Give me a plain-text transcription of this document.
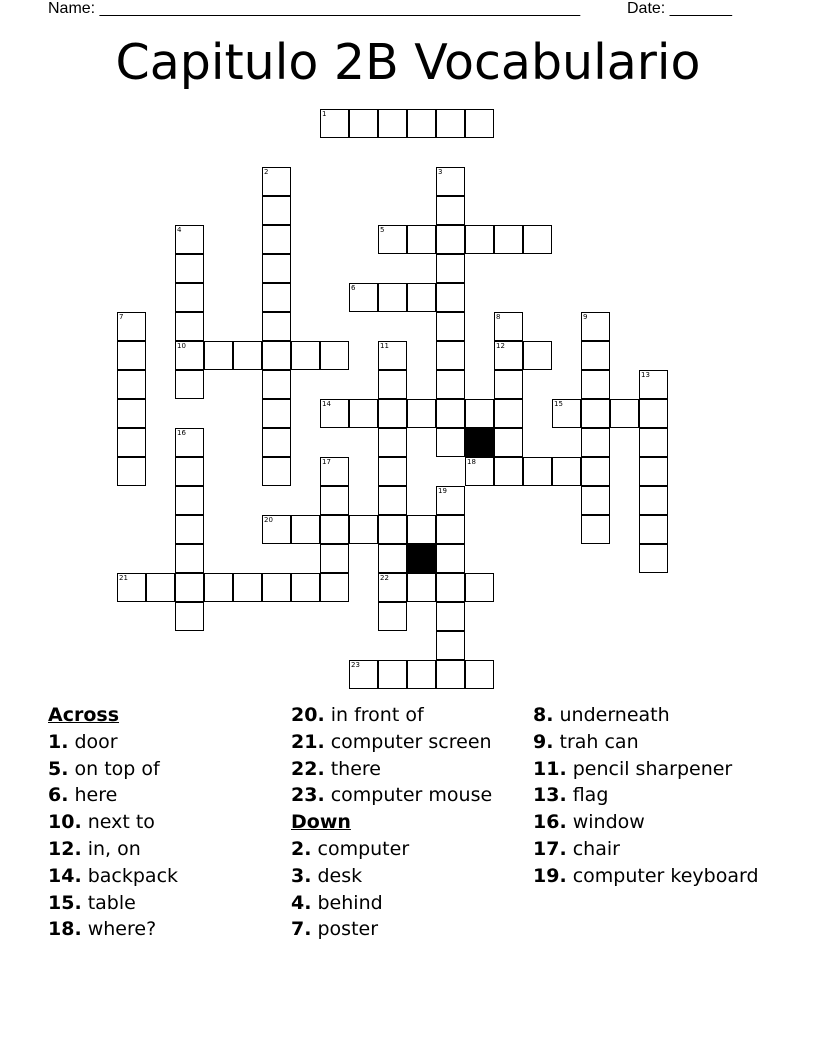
Name: ______________________________________________________	Date: _______
Capitulo 2B Vocabulario
1
2	3
4
10
5
6
7	8
12
9
11
22
13
14	15
16
17	18
19
20
21
23
Across
1. door
5. on top of
6. here
10. next to
12. in, on
14. backpack
15. table
18. where?
20. in front of
21. computer screen
22. there
23. computer mouse
Down
2. computer
3. desk
4. behind
7. poster
8. underneath
9. trah can
11. pencil sharpener
13. flag
16. window
17. chair
19. computer keyboard
